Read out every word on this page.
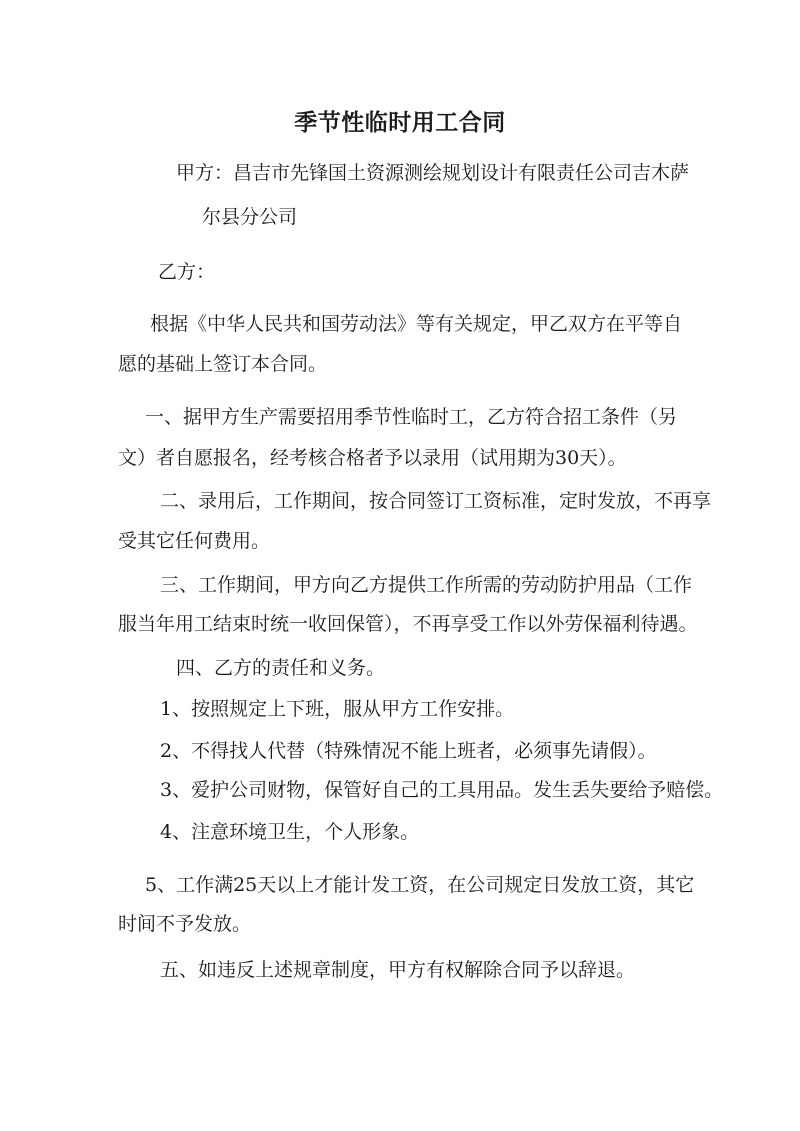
季节性临时用工合同
甲方：昌吉市先锋国土资源测绘规划设计有限责任公司吉木萨
尔县分公司
乙方：
根据《中华人民共和国劳动法》等有关规定，甲乙双方在平等自
愿的基础上签订本合同。
一、据甲方生产需要招用季节性临时工，乙方符合招工条件（另
文）者自愿报名，经考核合格者予以录用（试用期为30天）。
二、录用后，工作期间，按合同签订工资标准，定时发放，不再享
受其它任何费用。
三、工作期间，甲方向乙方提供工作所需的劳动防护用品（工作
服当年用工结束时统一收回保管），不再享受工作以外劳保福利待遇。
四、乙方的责任和义务。
1、按照规定上下班，服从甲方工作安排。
2、不得找人代替（特殊情况不能上班者，必须事先请假）。
3、爱护公司财物，保管好自己的工具用品。发生丢失要给予赔偿。
4、注意环境卫生，个人形象。
5、工作满25天以上才能计发工资，在公司规定日发放工资，其它
时间不予发放。
五、如违反上述规章制度，甲方有权解除合同予以辞退。
